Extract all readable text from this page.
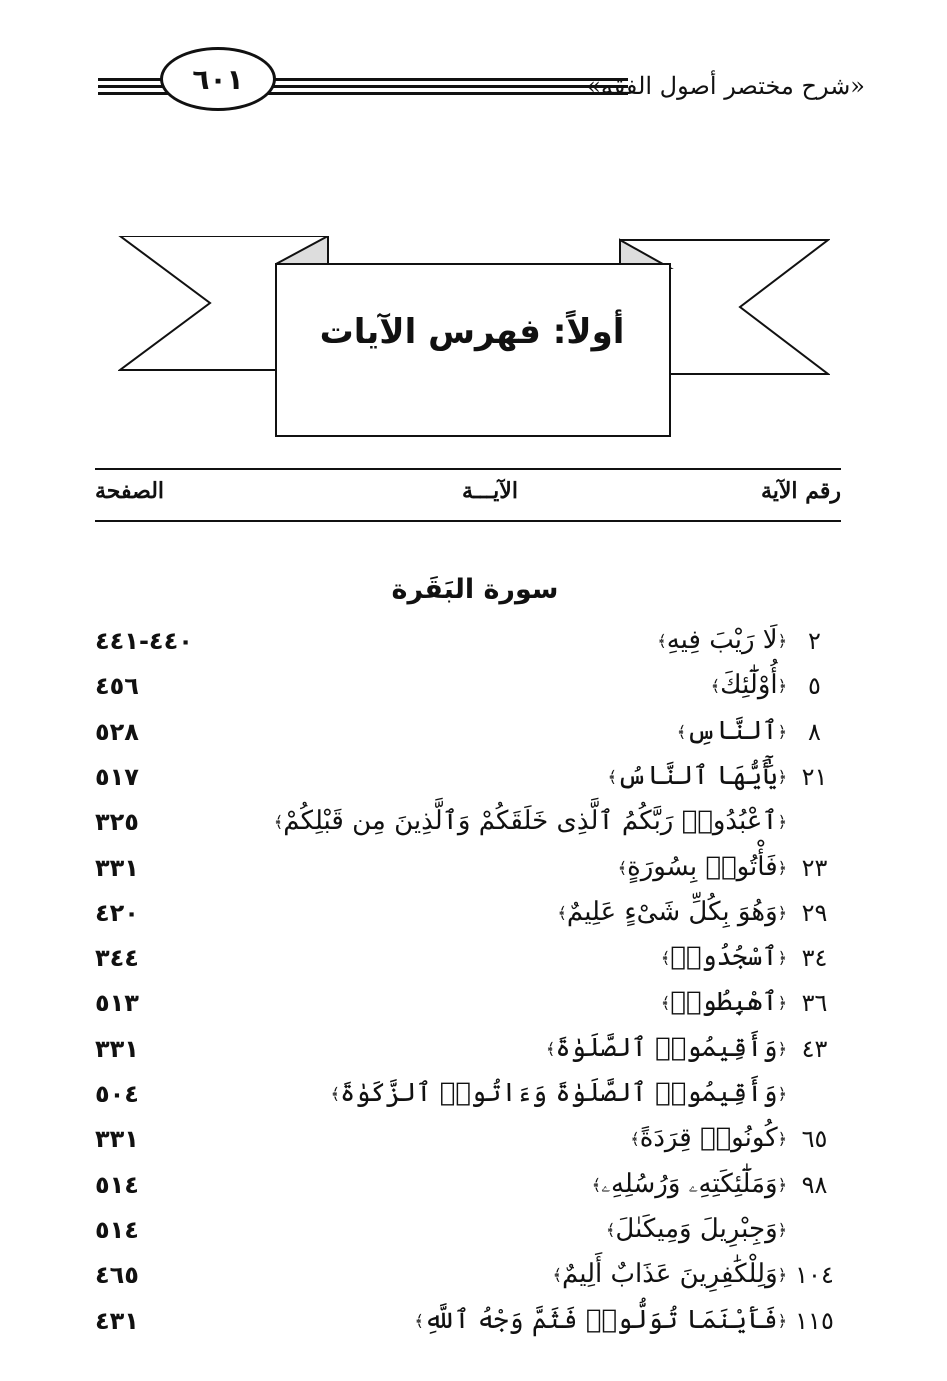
٦٠١	«شرح مختصر أصول الفقه»
أولاً: فهرس الآيات
رقم الآية
الآيـــة
الصفحة
سورة البَقَرة
٢
﴿لَا رَيْبَ فِيهِ﴾
٤٤٠-٤٤١
٥
﴿أُوْلَٰٓئِكَ﴾
٤٥٦
٨
﴿ٱلنَّاسِ﴾
٥٢٨
٢١
﴿يَٰٓأَيُّهَا ٱلنَّاسُ﴾
٥١٧
﴿ٱعْبُدُوا۟ رَبَّكُمُ ٱلَّذِى خَلَقَكُمْ وَٱلَّذِينَ مِن قَبْلِكُمْ﴾
٣٢٥
٢٣
﴿فَأْتُوا۟ بِسُورَةٍ﴾
٣٣١
٢٩
﴿وَهُوَ بِكُلِّ شَىْءٍ عَلِيمٌ﴾
٤٢٠
٣٤
﴿ٱسْجُدُوا۟﴾
٣٤٤
٣٦
﴿ٱهْبِطُوا۟﴾
٥١٣
٤٣
﴿وَأَقِيمُوا۟ ٱلصَّلَوٰةَ﴾
٣٣١
﴿وَأَقِيمُوا۟ ٱلصَّلَوٰةَ وَءَاتُوا۟ ٱلزَّكَوٰةَ﴾
٥٠٤
٦٥
﴿كُونُوا۟ قِرَدَةً﴾
٣٣١
٩٨
﴿وَمَلَٰٓئِكَتِهِۦ وَرُسُلِهِۦ﴾
٥١٤
﴿وَجِبْرِيلَ وَمِيكَىٰلَ﴾
٥١٤
١٠٤
﴿وَلِلْكَٰفِرِينَ عَذَابٌ أَلِيمٌ﴾
٤٦٥
١١٥
﴿فَأَيْنَمَا تُوَلُّوا۟ فَثَمَّ وَجْهُ ٱللَّهِ﴾
٤٣١
